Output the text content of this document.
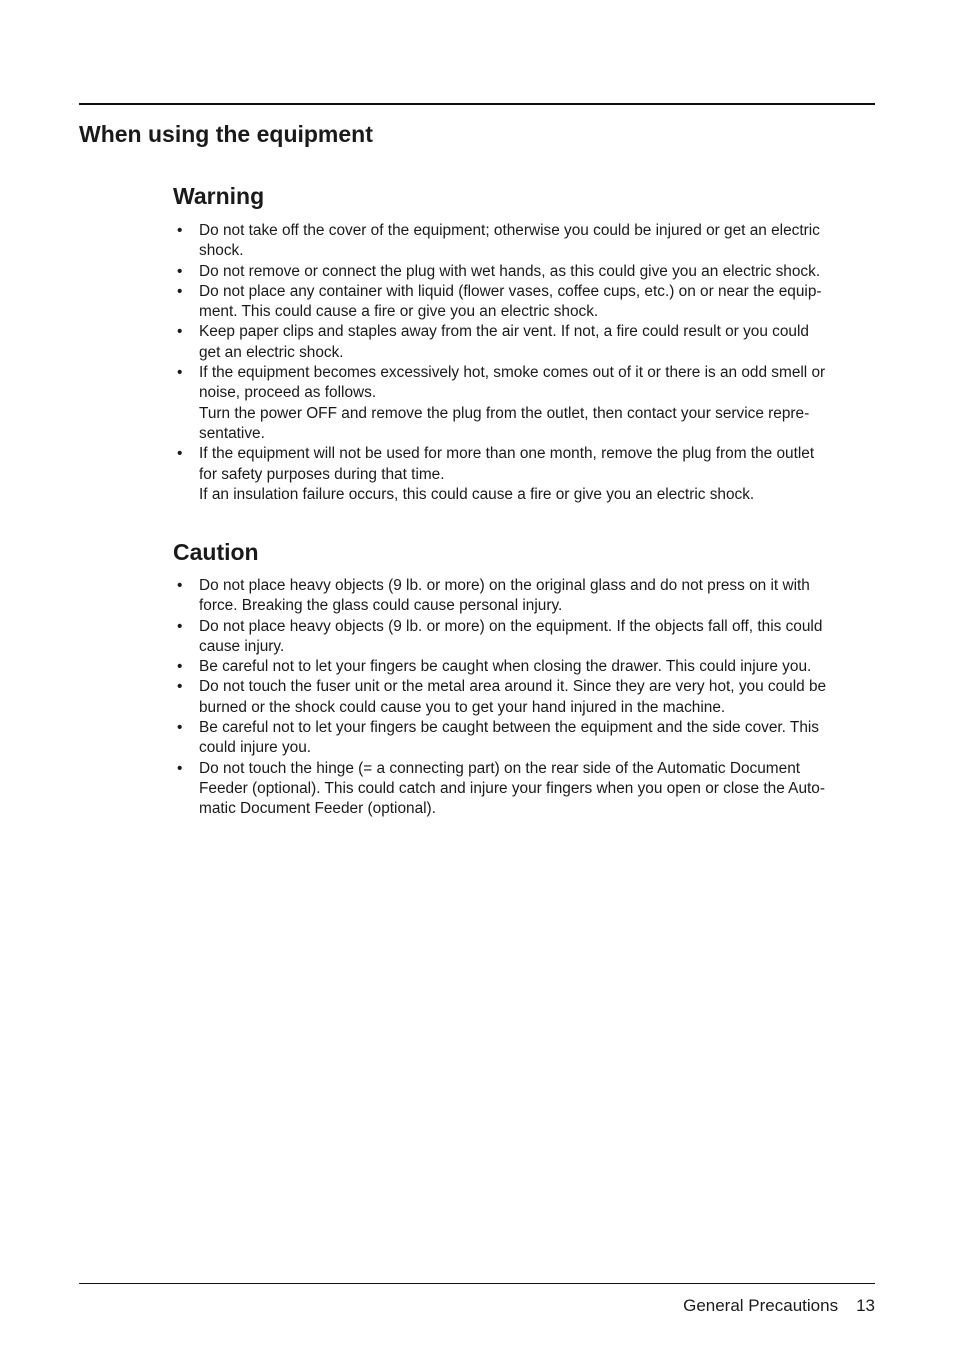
When using the equipment
Warning
• Do not take off the cover of the equipment; otherwise you could be injured or get an electric
shock.
• Do not remove or connect the plug with wet hands, as this could give you an electric shock.
• Do not place any container with liquid (flower vases, coffee cups, etc.) on or near the equip-
ment. This could cause a fire or give you an electric shock.
• Keep paper clips and staples away from the air vent. If not, a fire could result or you could
get an electric shock.
• If the equipment becomes excessively hot, smoke comes out of it or there is an odd smell or
noise, proceed as follows.
Turn the power OFF and remove the plug from the outlet, then contact your service repre-
sentative.
• If the equipment will not be used for more than one month, remove the plug from the outlet
for safety purposes during that time.
If an insulation failure occurs, this could cause a fire or give you an electric shock.
Caution
• Do not place heavy objects (9 lb. or more) on the original glass and do not press on it with
force. Breaking the glass could cause personal injury.
• Do not place heavy objects (9 lb. or more) on the equipment. If the objects fall off, this could
cause injury.
• Be careful not to let your fingers be caught when closing the drawer. This could injure you.
• Do not touch the fuser unit or the metal area around it. Since they are very hot, you could be
burned or the shock could cause you to get your hand injured in the machine.
• Be careful not to let your fingers be caught between the equipment and the side cover. This
could injure you.
• Do not touch the hinge (= a connecting part) on the rear side of the Automatic Document
Feeder (optional). This could catch and injure your fingers when you open or close the Auto-
matic Document Feeder (optional).
General Precautions 13
